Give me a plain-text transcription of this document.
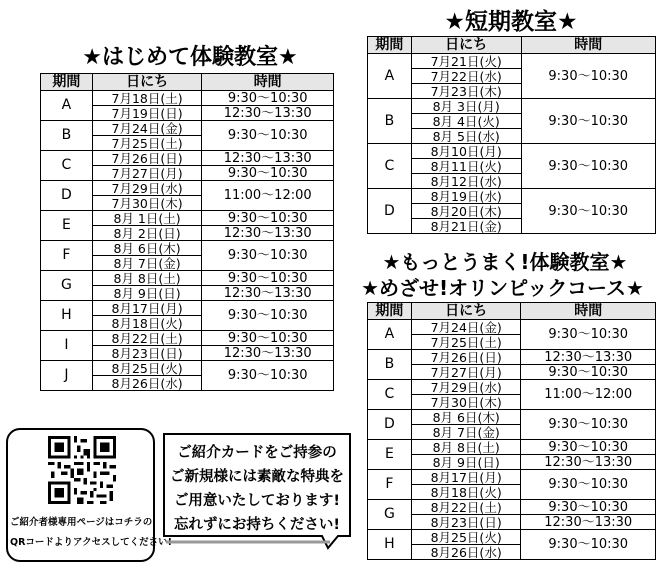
★はじめて体験教室★
★短期教室★
★もっとうまく!体験教室★
★めざせ!オリンピックコース★
期間	日にち	時間
A	7月18日(土)	9:30〜10:30
	7月19日(日)	12:30〜13:30
B	7月24日(金)	9:30〜10:30
	7月25日(土)	
C	7月26日(日)	12:30〜13:30
	7月27日(月)	9:30〜10:30
D	7月29日(水)	11:00〜12:00
	7月30日(木)	
E	8月 1日(土)	9:30〜10:30
	8月 2日(日)	12:30〜13:30
F	8月 6日(木)	9:30〜10:30
	8月 7日(金)	
G	8月 8日(土)	9:30〜10:30
	8月 9日(日)	12:30〜13:30
H	8月17日(月)	9:30〜10:30
	8月18日(火)	
I	8月22日(土)	9:30〜10:30
	8月23日(日)	12:30〜13:30
J	8月25日(火)	9:30〜10:30
	8月26日(水)	
期間	日にち	時間
A	7月21日(火)	9:30〜10:30
	7月22日(水)	
	7月23日(木)	
B	8月 3日(月)	9:30〜10:30
	8月 4日(火)	
	8月 5日(水)	
C	8月10日(月)	9:30〜10:30
	8月11日(火)	
	8月12日(水)	
D	8月19日(水)	9:30〜10:30
	8月20日(木)	
	8月21日(金)	
期間	日にち	時間
A	7月24日(金)	9:30〜10:30
	7月25日(土)	
B	7月26日(日)	12:30〜13:30
	7月27日(月)	9:30〜10:30
C	7月29日(水)	11:00〜12:00
	7月30日(木)	
D	8月 6日(木)	9:30〜10:30
	8月 7日(金)	
E	8月 8日(土)	9:30〜10:30
	8月 9日(日)	12:30〜13:30
F	8月17日(月)	9:30〜10:30
	8月18日(火)	
G	8月22日(土)	9:30〜10:30
	8月23日(日)	12:30〜13:30
H	8月25日(火)	9:30〜10:30
	8月26日(水)	
ご紹介者様専用ページはコチラの
QRコードよりアクセスしてください!
ご紹介カードをご持参の
ご新規様には素敵な特典を
ご用意いたしております!
忘れずにお持ちください!
